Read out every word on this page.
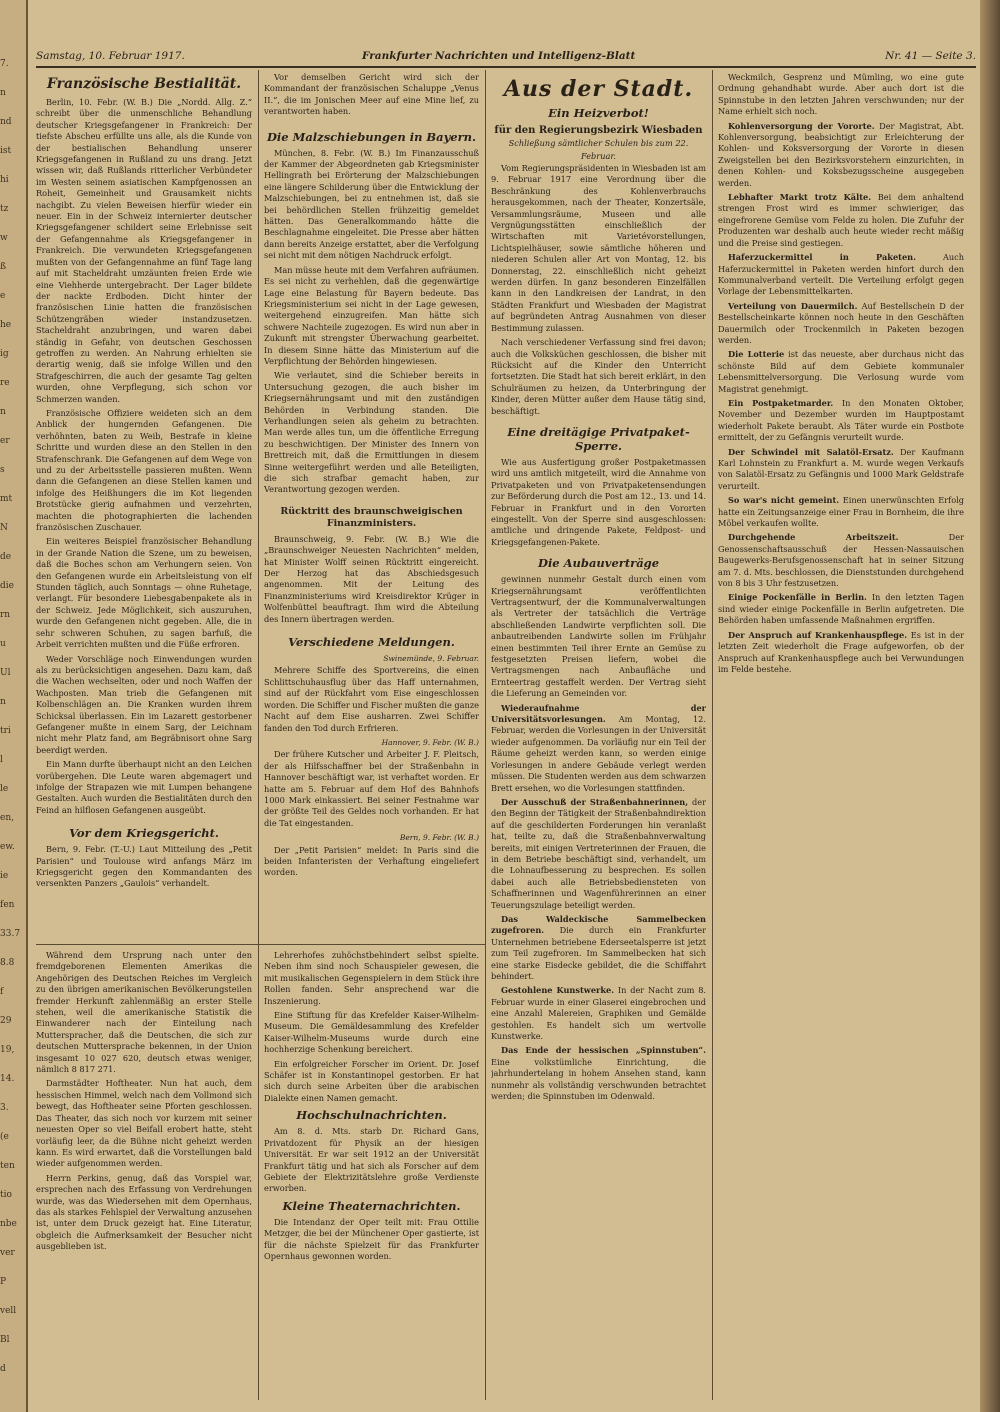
7.
n
nd
ist
hi
tz
w
ß
e
he
ig
re
n
er
s
mt
N
de
die
rn
u
Ul
n
tri
l
le
en,
ew.
ie
fen
33.7
8.8
f
29
19,
14.
3.
(e
ten
tio
nbe
ver
P
vell
Bl
d
Samstag, 10. Februar 1917.	Frankfurter Nachrichten und Intelligenz-Blatt	Nr. 41 — Seite 3.
Französische Bestialität.

Berlin, 10. Febr. (W. B.) Die „Nordd. Allg. Z.“ schreibt über die unmenschliche Behandlung deutscher Kriegsgefangener in Frankreich: Der tiefste Abscheu erfüllte uns alle, als die Kunde von der bestialischen Behandlung unserer Kriegsgefangenen in Rußland zu uns drang. Jetzt wissen wir, daß Rußlands ritterlicher Verbündeter im Westen seinem asiatischen Kampfgenossen an Roheit, Gemeinheit und Grausamkeit nichts nachgibt. Zu vielen Beweisen hierfür wieder ein neuer. Ein in der Schweiz internierter deutscher Kriegsgefangener schildert seine Erlebnisse seit der Gefangennahme als Kriegsgefangener in Frankreich. Die verwundeten Kriegsgefangenen mußten von der Gefangennahme an fünf Tage lang auf mit Stacheldraht umzäunten freien Erde wie eine Viehherde untergebracht. Der Lager bildete der nackte Erdboden. Dicht hinter der französischen Linie hatten die französischen Schützengräben wieder instandzusetzen. Stacheldraht anzubringen, und waren dabei ständig in Gefahr, von deutschen Geschossen getroffen zu werden. An Nahrung erhielten sie derartig wenig, daß sie infolge Willen und den Strafgeschirren, die auch der gesamte Tag gelten wurden, ohne Verpflegung, sich schon vor Schmerzen wanden.

Französische Offiziere weideten sich an dem Anblick der hungernden Gefangenen. Die verhöhnten, baten zu Weib, Bestrafe in kleine Schritte und wurden diese an den Stellen in den Strafenschrank. Die Gefangenen auf dem Wege von und zu der Arbeitsstelle passieren mußten. Wenn dann die Gefangenen an diese Stellen kamen und infolge des Heißhungers die im Kot liegenden Brotstücke gierig aufnahmen und verzehrten, machten die photographierten die lachenden französischen Zuschauer.

Ein weiteres Beispiel französischer Behandlung in der Grande Nation die Szene, um zu beweisen, daß die Boches schon am Verhungern seien. Von den Gefangenen wurde ein Arbeitsleistung von elf Stunden täglich, auch Sonntags — ohne Ruhetage, verlangt. Für besondere Liebesgabenpakete als in der Schweiz. Jede Möglichkeit, sich auszuruhen, wurde den Gefangenen nicht gegeben. Alle, die in sehr schweren Schuhen, zu sagen barfuß, die Arbeit verrichten mußten und die Füße erfroren.

Weder Vorschläge noch Einwendungen wurden als zu berücksichtigen angesehen. Dazu kam, daß die Wachen wechselten, oder und noch Waffen der Wachposten. Man trieb die Gefangenen mit Kolbenschlägen an. Die Kranken wurden ihrem Schicksal überlassen. Ein im Lazarett gestorbener Gefangener mußte in einem Sarg, der Leichnam nicht mehr Platz fand, am Begräbnisort ohne Sarg beerdigt werden.

Ein Mann durfte überhaupt nicht an den Leichen vorübergehen. Die Leute waren abgemagert und infolge der Strapazen wie mit Lumpen behangene Gestalten. Auch wurden die Bestialitäten durch den Feind an hilflosen Gefangenen ausgeübt.

Vor dem Kriegsgericht.

Bern, 9. Febr. (T.-U.) Laut Mitteilung des „Petit Parisien“ und Toulouse wird anfangs März im Kriegsgericht gegen den Kommandanten des versenkten Panzers „Gaulois“ verhandelt.

Vor demselben Gericht wird sich der Kommandant der französischen Schaluppe „Venus II.“, die im Jonischen Meer auf eine Mine lief, zu verantworten haben.

Die Malzschiebungen in Bayern.

München, 8. Febr. (W. B.) Im Finanzausschuß der Kammer der Abgeordneten gab Kriegsminister Hellingrath bei Erörterung der Malzschiebungen eine längere Schilderung über die Entwicklung der Malzschiebungen, bei zu entnehmen ist, daß sie bei behördlichen Stellen frühzeitig gemeldet hätten. Das Generalkommando hätte die Beschlagnahme eingeleitet. Die Presse aber hätten dann bereits Anzeige erstattet, aber die Verfolgung sei nicht mit dem nötigen Nachdruck erfolgt.

Man müsse heute mit dem Verfahren aufräumen. Es sei nicht zu verhehlen, daß die gegenwärtige Lage eine Belastung für Bayern bedeute. Das Kriegsministerium sei nicht in der Lage gewesen, weitergehend einzugreifen. Man hätte sich schwere Nachteile zugezogen. Es wird nun aber in Zukunft mit strengster Überwachung gearbeitet. In diesem Sinne hätte das Ministerium auf die Verpflichtung der Behörden hingewiesen.

Wie verlautet, sind die Schieber bereits in Untersuchung gezogen, die auch bisher im Kriegsernährungsamt und mit den zuständigen Behörden in Verbindung standen. Die Verhandlungen seien als geheim zu betrachten. Man werde alles tun, um die öffentliche Erregung zu beschwichtigen. Der Minister des Innern von Brettreich mit, daß die Ermittlungen in diesem Sinne weitergeführt werden und alle Beteiligten, die sich strafbar gemacht haben, zur Verantwortung gezogen werden.

Rücktritt des braunschweigischen Finanzministers.

Braunschweig, 9. Febr. (W. B.) Wie die „Braunschweiger Neuesten Nachrichten“ melden, hat Minister Wolff seinen Rücktritt eingereicht. Der Herzog hat das Abschiedsgesuch angenommen. Mit der Leitung des Finanzministeriums wird Kreisdirektor Krüger in Wolfenbüttel beauftragt. Ihm wird die Abteilung des Innern übertragen werden.

Verschiedene Meldungen.
Swinemünde, 9. Februar.

Mehrere Schiffe des Sportvereins, die einen Schlittschuhausflug über das Haff unternahmen, sind auf der Rückfahrt vom Eise eingeschlossen worden. Die Schiffer und Fischer mußten die ganze Nacht auf dem Eise ausharren. Zwei Schiffer fanden den Tod durch Erfrieren.

Hannover, 9. Febr. (W. B.)

Der frühere Kutscher und Arbeiter J. F. Pleitsch, der als Hilfsschaffner bei der Straßenbahn in Hannover beschäftigt war, ist verhaftet worden. Er hatte am 5. Februar auf dem Hof des Bahnhofs 1000 Mark einkassiert. Bei seiner Festnahme war der größte Teil des Geldes noch vorhanden. Er hat die Tat eingestanden.

Bern, 9. Febr. (W. B.)

Der „Petit Parisien“ meldet: In Paris sind die beiden Infanteristen der Verhaftung eingeliefert worden.

Während dem Ursprung nach unter den fremdgeborenen Elementen Amerikas die Angehörigen des Deutschen Reiches im Vergleich zu den übrigen amerikanischen Bevölkerungsteilen fremder Herkunft zahlenmäßig an erster Stelle stehen, weil die amerikanische Statistik die Einwanderer nach der Einteilung nach Mutterspracher, daß die Deutschen, die sich zur deutschen Muttersprache bekennen, in der Union insgesamt 10 027 620, deutsch etwas weniger, nämlich 8 817 271.

Darmstädter Hoftheater. Nun hat auch, dem hessischen Himmel, welch nach dem Vollmond sich bewegt, das Hoftheater seine Pforten geschlossen. Das Theater, das sich noch vor kurzem mit seiner neuesten Oper so viel Beifall erobert hatte, steht vorläufig leer, da die Bühne nicht geheizt werden kann. Es wird erwartet, daß die Vorstellungen bald wieder aufgenommen werden.

Herrn Perkins, genug, daß das Vorspiel war, ersprechen nach des Erfassung von Verdrehungen wurde, was das Wiedersehen mit dem Opernhaus, das als starkes Fehlspiel der Verwaltung anzusehen ist, unter dem Druck gezeigt hat. Eine Literatur, obgleich die Aufmerksamkeit der Besucher nicht ausgeblieben ist.

Lehrerhofes zuhöchstbehindert selbst spielte. Neben ihm sind noch Schauspieler gewesen, die mit musikalischen Gegenspielern in dem Stück ihre Rollen fanden. Sehr ansprechend war die Inszenierung.

Eine Stiftung für das Krefelder Kaiser-Wilhelm-Museum. Die Gemäldesammlung des Krefelder Kaiser-Wilhelm-Museums wurde durch eine hochherzige Schenkung bereichert.

Ein erfolgreicher Forscher im Orient. Dr. Josef Schäfer ist in Konstantinopel gestorben. Er hat sich durch seine Arbeiten über die arabischen Dialekte einen Namen gemacht.

Hochschulnachrichten.

Am 8. d. Mts. starb Dr. Richard Gans, Privatdozent für Physik an der hiesigen Universität. Er war seit 1912 an der Universität Frankfurt tätig und hat sich als Forscher auf dem Gebiete der Elektrizitätslehre große Verdienste erworben.

Kleine Theaternachrichten.

Die Intendanz der Oper teilt mit: Frau Ottilie Metzger, die bei der Münchener Oper gastierte, ist für die nächste Spielzeit für das Frankfurter Opernhaus gewonnen worden.

Aus der Stadt.
Ein Heizverbot!
für den Regierungsbezirk Wiesbaden
Schließung sämtlicher Schulen bis zum 22. Februar.

Vom Regierungspräsidenten in Wiesbaden ist am 9. Februar 1917 eine Verordnung über die Beschränkung des Kohlenverbrauchs herausgekommen, nach der Theater, Konzertsäle, Versammlungsräume, Museen und alle Vergnügungsstätten einschließlich der Wirtschaften mit Varietévorstellungen, Lichtspielhäuser, sowie sämtliche höheren und niederen Schulen aller Art von Montag, 12. bis Donnerstag, 22. einschließlich nicht geheizt werden dürfen. In ganz besonderen Einzelfällen kann in den Landkreisen der Landrat, in den Städten Frankfurt und Wiesbaden der Magistrat auf begründeten Antrag Ausnahmen von dieser Bestimmung zulassen.

Nach verschiedener Verfassung sind frei davon; auch die Volksküchen geschlossen, die bisher mit Rücksicht auf die Kinder den Unterricht fortsetzten. Die Stadt hat sich bereit erklärt, in den Schulräumen zu heizen, da Unterbringung der Kinder, deren Mütter außer dem Hause tätig sind, beschäftigt.

Eine dreitägige Privatpaket-Sperre.

Wie aus Ausfertigung großer Postpaketmassen wird uns amtlich mitgeteilt, wird die Annahme von Privatpaketen und von Privatpaketensendungen zur Beförderung durch die Post am 12., 13. und 14. Februar in Frankfurt und in den Vororten eingestellt. Von der Sperre sind ausgeschlossen: amtliche und dringende Pakete, Feldpost- und Kriegsgefangenen-Pakete.

Die Aubauverträge

gewinnen nunmehr Gestalt durch einen vom Kriegsernährungsamt veröffentlichten Vertragsentwurf, der die Kommunalverwaltungen als Vertreter der tatsächlich die Verträge abschließenden Landwirte verpflichten soll. Die anbautreibenden Landwirte sollen im Frühjahr einen bestimmten Teil ihrer Ernte an Gemüse zu festgesetzten Preisen liefern, wobei die Vertragsmengen nach Anbaufläche und Ernteertrag gestaffelt werden. Der Vertrag sieht die Lieferung an Gemeinden vor.

Wiederaufnahme der Universitätsvorlesungen. Am Montag, 12. Februar, werden die Vorlesungen in der Universität wieder aufgenommen. Da vorläufig nur ein Teil der Räume geheizt werden kann, so werden einige Vorlesungen in andere Gebäude verlegt werden müssen. Die Studenten werden aus dem schwarzen Brett ersehen, wo die Vorlesungen stattfinden.

Der Ausschuß der Straßenbahnerinnen, der den Beginn der Tätigkeit der Straßenbahndirektion auf die geschilderten Forderungen hin veranlaßt hat, teilte zu, daß die Straßenbahnverwaltung bereits, mit einigen Vertreterinnen der Frauen, die in dem Betriebe beschäftigt sind, verhandelt, um die Lohnaufbesserung zu besprechen. Es sollen dabei auch alle Betriebsbediensteten von Schaffnerinnen und Wagenführerinnen an einer Teuerungszulage beteiligt werden.

Das Waldeckische Sammelbecken zugefroren. Die durch ein Frankfurter Unternehmen betriebene Ederseetalsperre ist jetzt zum Teil zugefroren. Im Sammelbecken hat sich eine starke Eisdecke gebildet, die die Schiffahrt behindert.

Gestohlene Kunstwerke. In der Nacht zum 8. Februar wurde in einer Glaserei eingebrochen und eine Anzahl Malereien, Graphiken und Gemälde gestohlen. Es handelt sich um wertvolle Kunstwerke.

Das Ende der hessischen „Spinnstuben“. Eine volkstümliche Einrichtung, die jahrhundertelang in hohem Ansehen stand, kann nunmehr als vollständig verschwunden betrachtet werden; die Spinnstuben im Odenwald.

Weckmilch, Gesprenz und Mümling, wo eine gute Ordnung gehandhabt wurde. Aber auch dort ist die Spinnstube in den letzten Jahren verschwunden; nur der Name erhielt sich noch.

Kohlenversorgung der Vororte. Der Magistrat, Abt. Kohlenversorgung, beabsichtigt zur Erleichterung der Kohlen- und Koksversorgung der Vororte in diesen Zweigstellen bei den Bezirksvorstehern einzurichten, in denen Kohlen- und Koksbezugsscheine ausgegeben werden.

Lebhafter Markt trotz Kälte. Bei dem anhaltend strengen Frost wird es immer schwieriger, das eingefrorene Gemüse vom Felde zu holen. Die Zufuhr der Produzenten war deshalb auch heute wieder recht mäßig und die Preise sind gestiegen.

Haferzuckermittel in Paketen.	Auch Haferzuckermittel in Paketen werden hinfort durch den Kommunalverband verteilt. Die Verteilung erfolgt gegen Vorlage der Lebensmittelkarten.

Verteilung von Dauermilch. Auf Bestellschein D der Bestellscheinkarte können noch heute in den Geschäften Dauermilch oder Trockenmilch in Paketen bezogen werden.

Die Lotterie ist das neueste, aber durchaus nicht das schönste Bild auf dem Gebiete kommunaler Lebensmittelversorgung. Die Verlosung wurde vom Magistrat genehmigt.

Ein Postpaketmarder. In den Monaten Oktober, November und Dezember wurden im Hauptpostamt wiederholt Pakete beraubt. Als Täter wurde ein Postbote ermittelt, der zu Gefängnis verurteilt wurde.

Der Schwindel mit Salatöl-Ersatz. Der Kaufmann Karl Lohnstein zu Frankfurt a. M. wurde wegen Verkaufs von Salatöl-Ersatz zu Gefängnis und 1000 Mark Geldstrafe verurteilt.

So war's nicht gemeint. Einen unerwünschten Erfolg hatte ein Zeitungsanzeige einer Frau in Bornheim, die ihre Möbel verkaufen wollte.

Durchgehende Arbeitszeit.	Der Genossenschaftsausschuß der Hessen-Nassauischen Baugewerks-Berufsgenossenschaft hat in seiner Sitzung am 7. d. Mts. beschlossen, die Dienststunden durchgehend von 8 bis 3 Uhr festzusetzen.

Einige Pockenfälle in Berlin. In den letzten Tagen sind wieder einige Pockenfälle in Berlin aufgetreten. Die Behörden haben umfassende Maßnahmen ergriffen.

Der Anspruch auf Krankenhauspflege. Es ist in der letzten Zeit wiederholt die Frage aufgeworfen, ob der Anspruch auf Krankenhauspflege auch bei Verwundungen im Felde bestehe.
